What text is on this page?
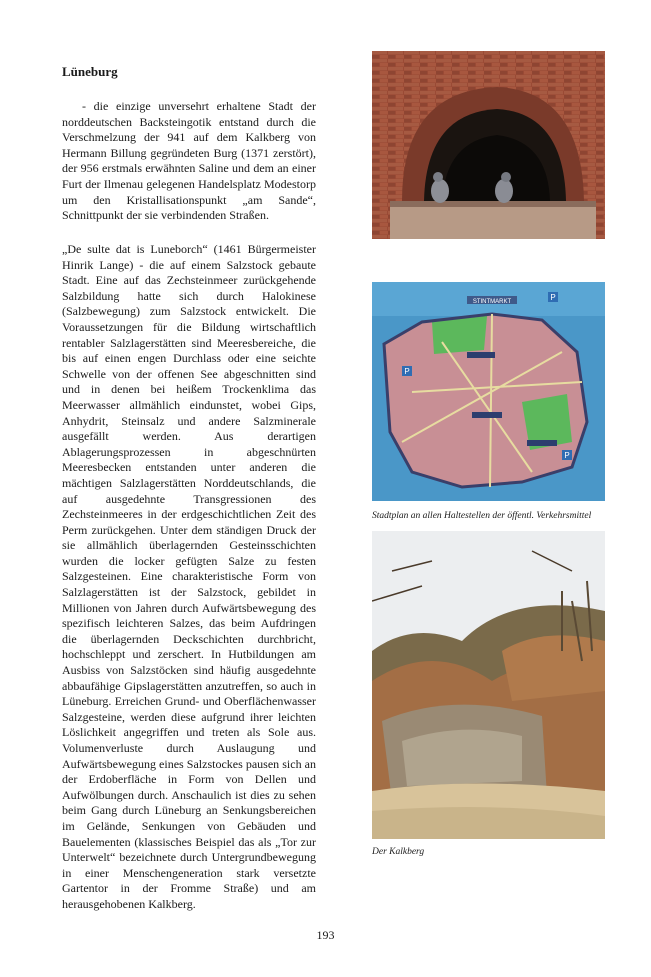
Lüneburg

- die einzige unversehrt erhaltene Stadt der norddeutschen Backsteingotik entstand durch die Verschmelzung der 941 auf dem Kalkberg von Hermann Billung gegründeten Burg (1371 zerstört), der 956 erstmals erwähnten Saline und dem an einer Furt der Ilmenau gelegenen Handelsplatz Modestorp um den Kristallisationspunkt „am Sande“, Schnittpunkt der sie verbindenden Straßen.

„De sulte dat is Luneborch“ (1461 Bürgermeister Hinrik Lange) - die auf einem Salzstock gebaute Stadt. Eine auf das Zechsteinmeer zurückgehende Salzbildung hatte sich durch Halokinese (Salzbewegung) zum Salzstock entwickelt. Die Voraussetzungen für die Bildung wirtschaftlich rentabler Salzlagerstätten sind Meeresbereiche, die bis auf einen engen Durchlass oder eine seichte Schwelle von der offenen See abgeschnitten sind und in denen bei heißem Trockenklima das Meerwasser allmählich eindunstet, wobei Gips, Anhydrit, Steinsalz und andere Salzminerale ausgefällt werden. Aus derartigen Ablagerungsprozessen in abgeschnürten Meeresbecken entstanden unter anderen die mächtigen Salzlagerstätten Norddeutschlands, die auf ausgedehnte Transgressionen des Zechsteinmeeres in der erdgeschichtlichen Zeit des Perm zurückgehen. Unter dem ständigen Druck der sie allmählich überlagernden Gesteinsschichten wurden die locker gefügten Salze zu festen Salzgesteinen. Eine charakteristische Form von Salzlagerstätten ist der Salzstock, gebildet in Millionen von Jahren durch Aufwärtsbewegung des spezifisch leichteren Salzes, das beim Aufdringen die überlagernden Deckschichten durchbricht, hochschleppt und zerschert. In Hutbildungen am Ausbiss von Salzstöcken sind häufig ausgedehnte abbaufähige Gipslagerstätten anzutreffen, so auch in Lüneburg. Erreichen Grund- und Oberflächenwasser Salzgesteine, werden diese aufgrund ihrer leichten Löslichkeit angegriffen und treten als Sole aus. Volumenverluste durch Auslaugung und Aufwärtsbewegung eines Salzstockes pausen sich an der Erdoberfläche in Form von Dellen und Aufwölbungen durch. Anschaulich ist dies zu sehen beim Gang durch Lüneburg an Senkungsbereichen im Gelände, Senkungen von Gebäuden und Bauelementen (klassisches Beispiel das als „Tor zur Unterwelt“ bezeichnete durch Untergrundbewegung in einer Menschengeneration stark versetzte Gartentor in der Fromme Straße) und am herausgehobenen Kalkberg.

STINTMARKT
P
P
P
Stadtplan an allen Haltestellen der öffentl. Verkehrsmittel
Der Kalkberg
193
